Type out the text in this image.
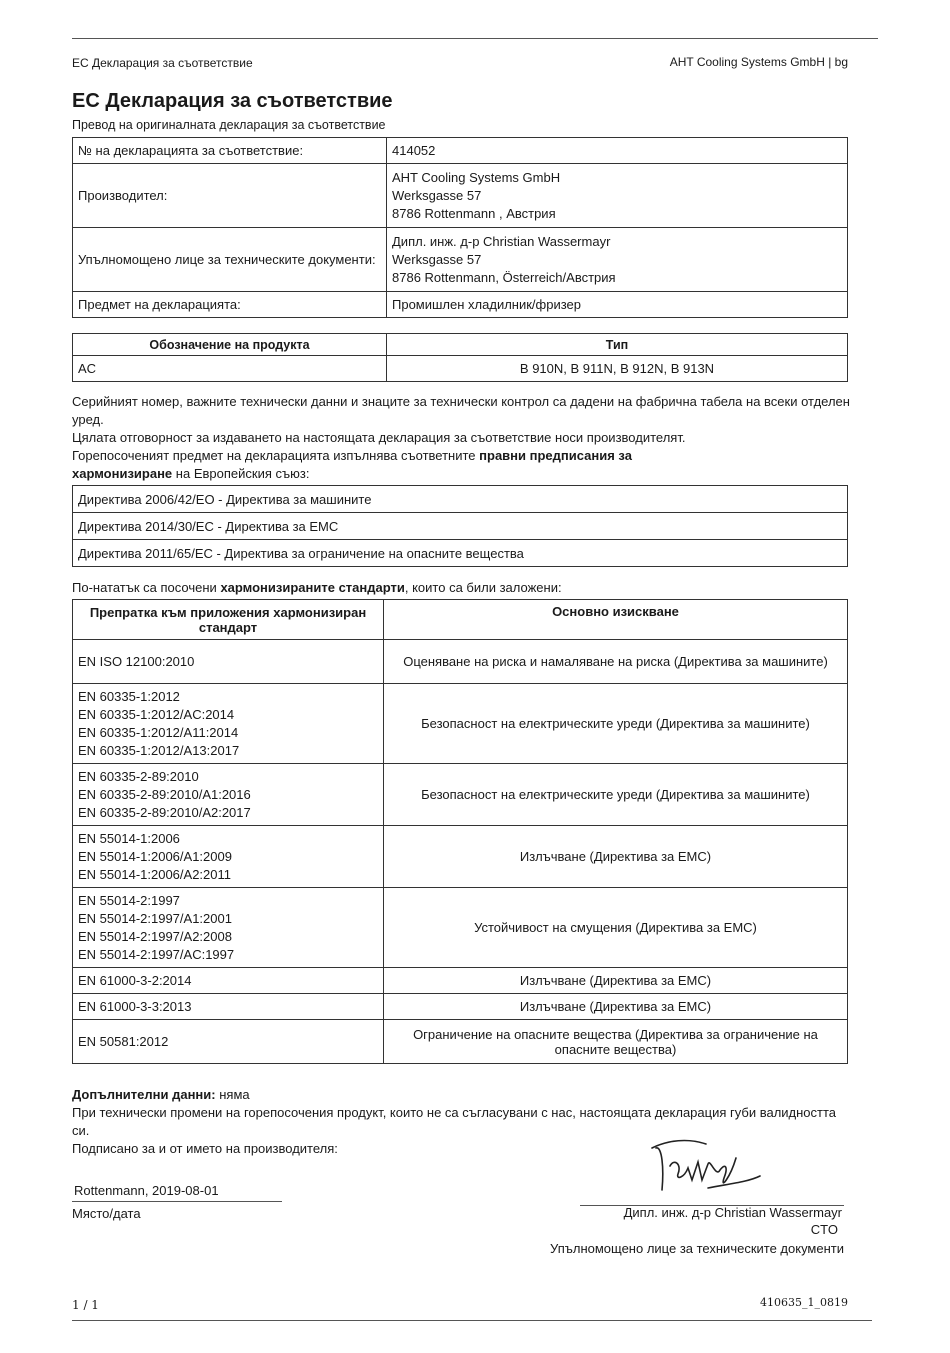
ЕС Декларация за съответствие	AHT Cooling Systems GmbH | bg
ЕС Декларация за съответствие
Превод на оригиналната декларация за съответствие
№ на декларацията за съответствие:	414052
Производител:	AHT Cooling Systems GmbH
Werksgasse 57
8786 Rottenmann , Австрия
Упълномощено лице за техническите документи:	Дипл. инж. д-р Christian Wassermayr
Werksgasse 57
8786 Rottenmann, Österreich/Австрия
Предмет на декларацията:	Промишлен хладилник/фризер
Обозначение на продукта	Тип
AC	B 910N, B 911N, B 912N, B 913N
Серийният номер, важните технически данни и знаците за технически контрол са дадени на фабрична табела на всеки отделен уред.
Цялата отговорност за издаването на настоящата декларация за съответствие носи производителят.
Горепосоченият предмет на декларацията изпълнява съответните правни предписания за
хармонизиране на Европейския съюз:
Директива 2006/42/EO - Директива за машините
Директива 2014/30/EC - Директива за EMC
Директива 2011/65/EC - Директива за ограничение на опасните вещества
По-нататък са посочени хармонизираните стандарти, които са били заложени:
Препратка към приложения хармонизиран стандарт	Основно изискване
EN ISO 12100:2010	Оценяване на риска и намаляване на риска (Директива за машините)
EN 60335-1:2012
EN 60335-1:2012/AC:2014
EN 60335-1:2012/A11:2014
EN 60335-1:2012/A13:2017	Безопасност на електрическите уреди (Директива за машините)
EN 60335-2-89:2010
EN 60335-2-89:2010/A1:2016
EN 60335-2-89:2010/A2:2017	Безопасност на електрическите уреди (Директива за машините)
EN 55014-1:2006
EN 55014-1:2006/A1:2009
EN 55014-1:2006/A2:2011	Излъчване (Директива за EMC)
EN 55014-2:1997
EN 55014-2:1997/A1:2001
EN 55014-2:1997/A2:2008
EN 55014-2:1997/AC:1997	Устойчивост на смущения (Директива за EMC)
EN 61000-3-2:2014	Излъчване (Директива за EMC)
EN 61000-3-3:2013	Излъчване (Директива за EMC)
EN 50581:2012	Ограничение на опасните вещества (Директива за ограничение на опасните вещества)
Допълнителни данни: няма
При технически промени на горепосочения продукт, които не са съгласувани с нас, настоящата декларация губи валидността си.
Подписано за и от името на производителя:
Rottenmann, 2019-08-01
Място/дата	Дипл. инж. д-р Christian Wassermayr
CTO
Упълномощено лице за техническите документи
1 / 1	410635_1_0819
